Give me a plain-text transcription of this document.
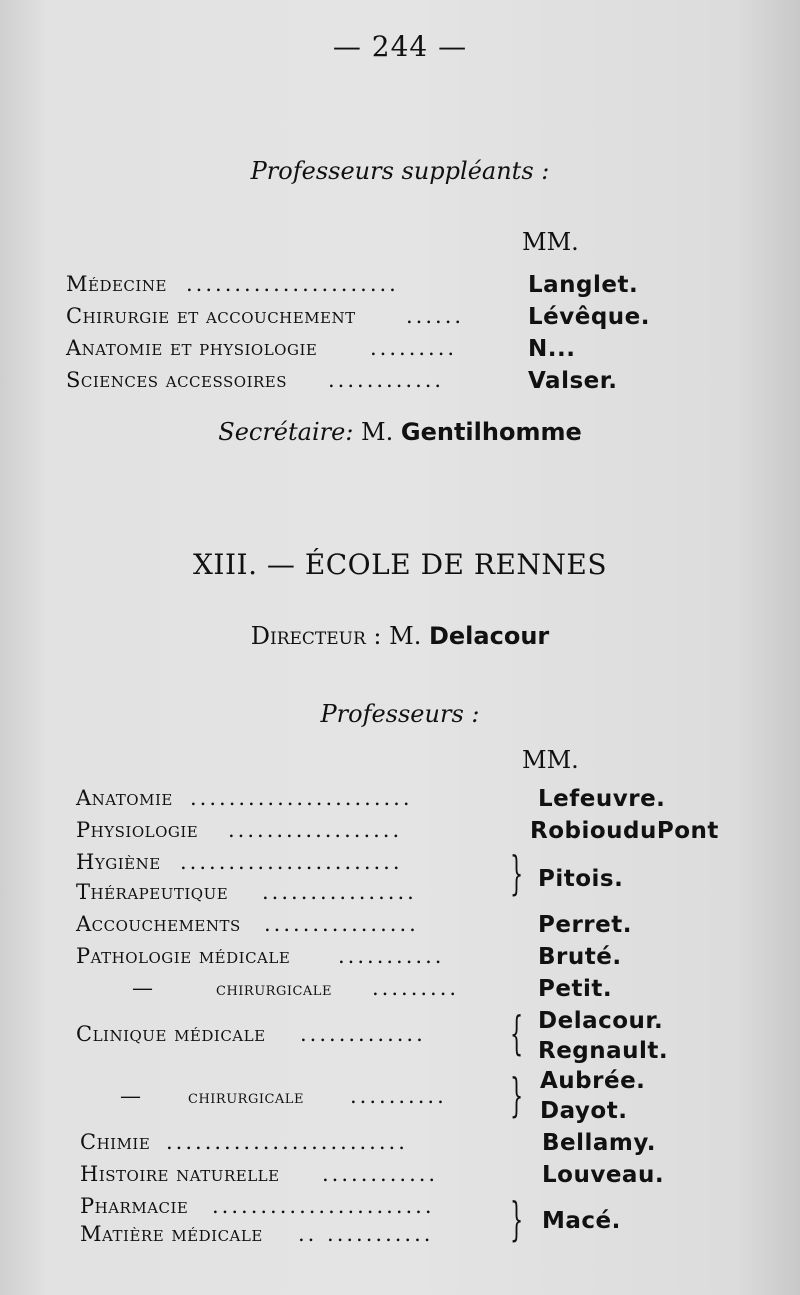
— 244 —
Professeurs suppléants :
MM.
Médecine ......................	Langlet.
Chirurgie et accouchement ......	Lévêque.
Anatomie et physiologie	.........	N...
Sciences accessoires ............	Valser.
Secrétaire: M. Gentilhomme
XIII. — ÉCOLE DE RENNES
Directeur : M. Delacour
Professeurs :
MM.
Anatomie .......................	Lefeuvre.
Physiologie ..................	RobiouduPont
Hygiène .......................
Thérapeutique ................	} Pitois.
Accouchements ................	Perret.
Pathologie médicale ...........	Bruté.
—	chirurgicale .........	Petit.
Clinique médicale .............	{ Delacour.
Regnault.
—	chirurgicale ..........	} Aubrée.
Dayot.
Chimie .........................	Bellamy.
Histoire naturelle ............	Louveau.
Pharmacie .......................
Matière médicale .. ...........	} Macé.
